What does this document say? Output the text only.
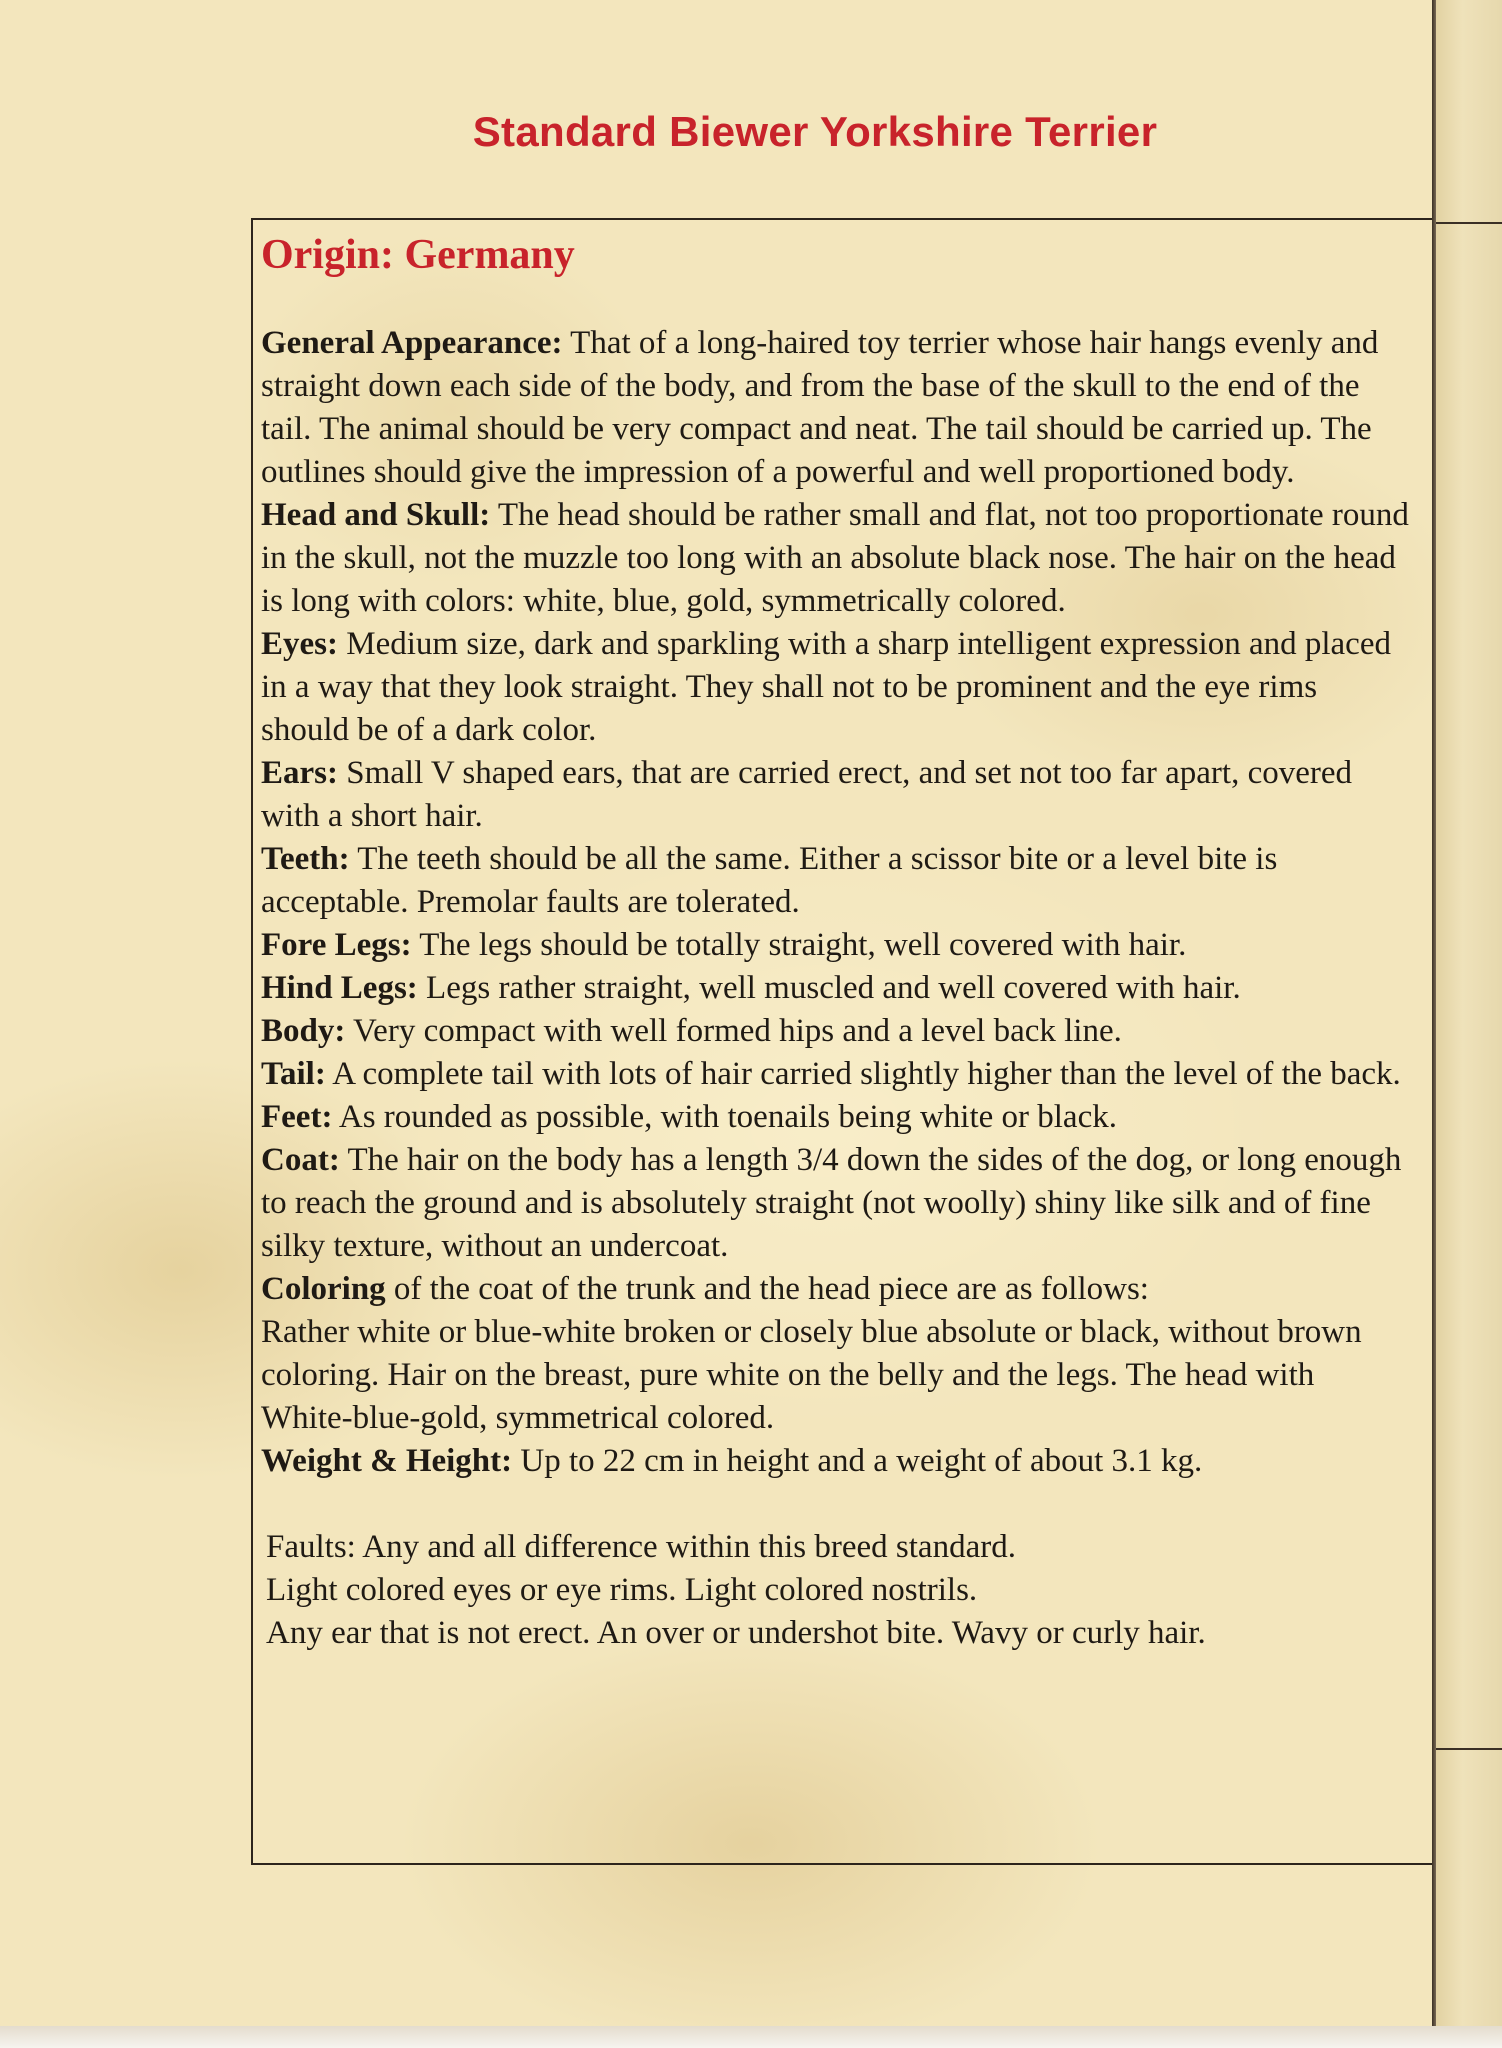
Standard Biewer Yorkshire Terrier
Origin: Germany

General Appearance: That of a long-haired toy terrier whose hair hangs evenly and straight down each side of the body, and from the base of the skull to the end of the tail. The animal should be very compact and neat. The tail should be carried up. The outlines should give the impression of a powerful and well proportioned body.

Head and Skull: The head should be rather small and flat, not too proportionate round in the skull, not the muzzle too long with an absolute black nose. The hair on the head is long with colors: white, blue, gold, symmetrically colored.

Eyes: Medium size, dark and sparkling with a sharp intelligent expression and placed in a way that they look straight. They shall not to be prominent and the eye rims should be of a dark color.

Ears: Small V shaped ears, that are carried erect, and set not too far apart, covered with a short hair.

Teeth: The teeth should be all the same. Either a scissor bite or a level bite is acceptable. Premolar faults are tolerated.

Fore Legs: The legs should be totally straight, well covered with hair.

Hind Legs: Legs rather straight, well muscled and well covered with hair.

Body: Very compact with well formed hips and a level back line.

Tail: A complete tail with lots of hair carried slightly higher than the level of the back.

Feet: As rounded as possible, with toenails being white or black.

Coat: The hair on the body has a length 3/4 down the sides of the dog, or long enough to reach the ground and is absolutely straight (not woolly) shiny like silk and of fine silky texture, without an undercoat.

Coloring of the coat of the trunk and the head piece are as follows:

Rather white or blue-white broken or closely blue absolute or black, without brown coloring. Hair on the breast, pure white on the belly and the legs. The head with White-blue-gold, symmetrical colored.

Weight & Height: Up to 22 cm in height and a weight of about 3.1 kg.

Faults: Any and all difference within this breed standard.

Light colored eyes or eye rims. Light colored nostrils.

Any ear that is not erect. An over or undershot bite. Wavy or curly hair.
